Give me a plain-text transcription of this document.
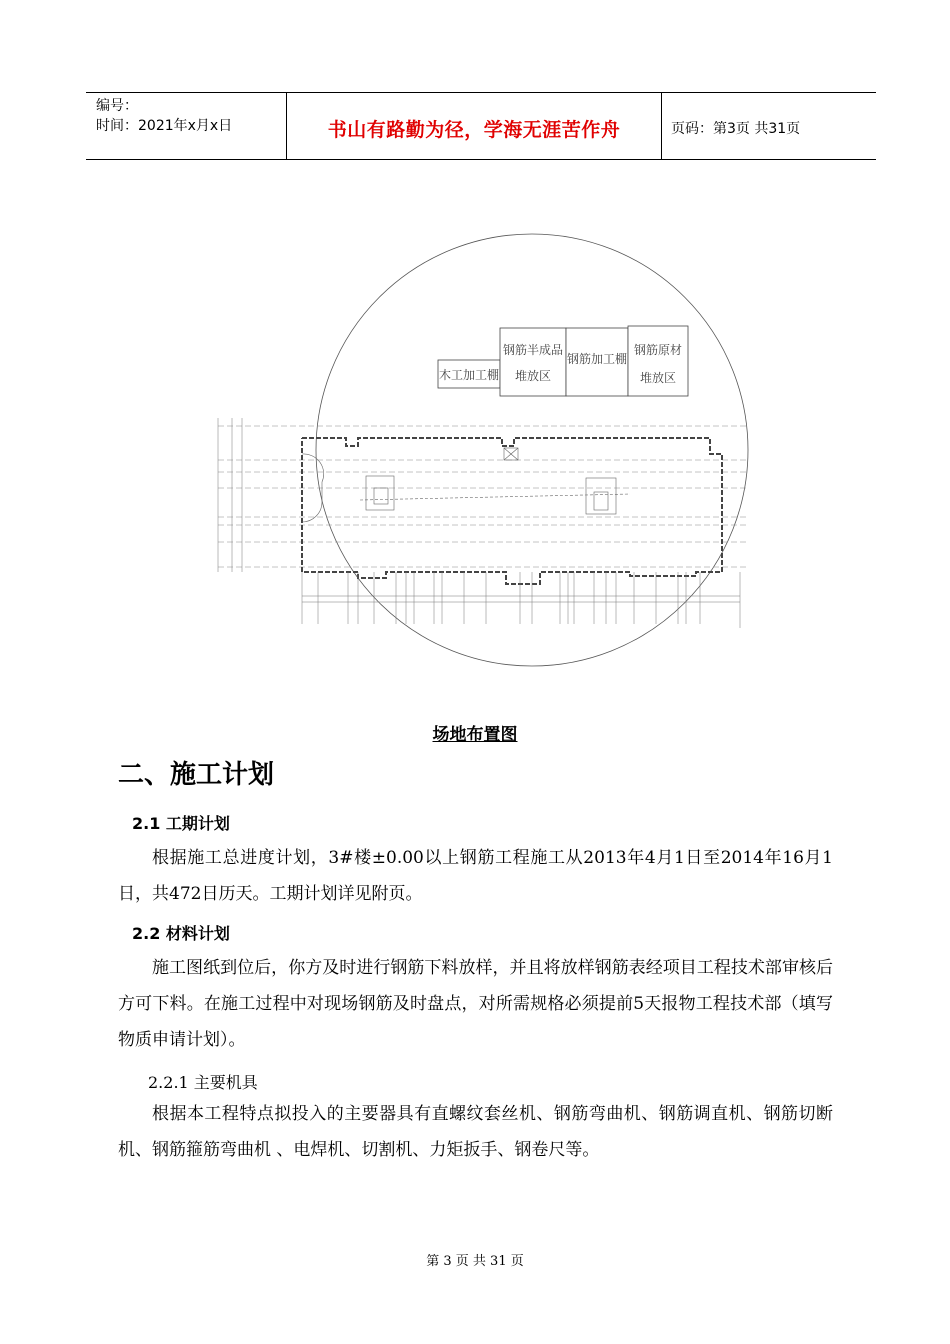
编号：
时间：2021年x月x日	书山有路勤为径，学海无涯苦作舟	页码：第3页 共31页
木工加工棚
钢筋半成品
堆放区
钢筋加工棚
钢筋原材
堆放区
场地布置图
二、施工计划
2.1 工期计划
根据施工总进度计划，3#楼±0.00以上钢筋工程施工从2013年4月1日至2014年16月1日，共472日历天。工期计划详见附页。
2.2 材料计划
施工图纸到位后，你方及时进行钢筋下料放样，并且将放样钢筋表经项目工程技术部审核后方可下料。在施工过程中对现场钢筋及时盘点，对所需规格必须提前5天报物工程技术部（填写物质申请计划）。
2.2.1 主要机具
根据本工程特点拟投入的主要器具有直螺纹套丝机、钢筋弯曲机、钢筋调直机、钢筋切断机、钢筋箍筋弯曲机 、电焊机、切割机、力矩扳手、钢卷尺等。
第 3 页 共 31 页
